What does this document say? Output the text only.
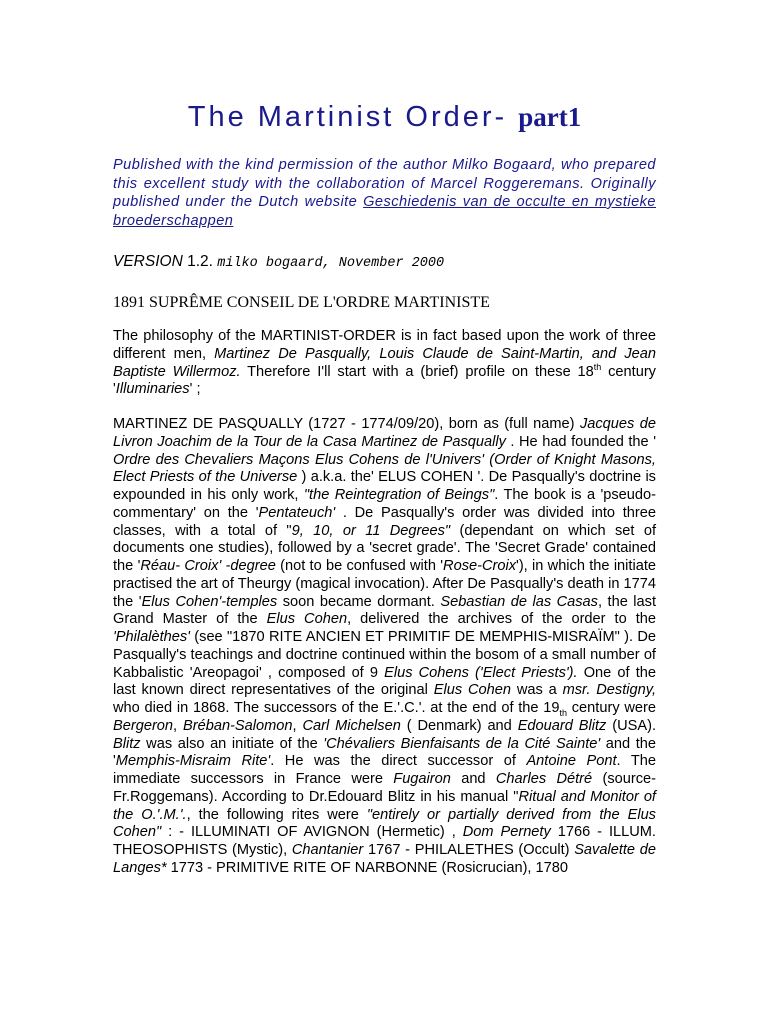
The Martinist Order- part1

Published with the kind permission of the author Milko Bogaard, who prepared this excellent study with the collaboration of Marcel Roggeremans. Originally published under the Dutch website Geschiedenis van de occulte en mystieke broederschappen

VERSION 1.2. milko bogaard, November 2000

1891 SUPRÊME CONSEIL DE L'ORDRE MARTINISTE

The philosophy of the MARTINIST-ORDER is in fact based upon the work of three different men, Martinez De Pasqually, Louis Claude de Saint-Martin, and Jean Baptiste Willermoz. Therefore I'll start with a (brief) profile on these 18th century 'Illuminaries' ;

MARTINEZ DE PASQUALLY (1727 - 1774/09/20), born as (full name) Jacques de Livron Joachim de la Tour de la Casa Martinez de Pasqually . He had founded the ' Ordre des Chevaliers Maçons Elus Cohens de l'Univers' (Order of Knight Masons, Elect Priests of the Universe ) a.k.a. the' ELUS COHEN '. De Pasqually's doctrine is expounded in his only work, "the Reintegration of Beings". The book is a 'pseudo-commentary' on the 'Pentateuch' . De Pasqually's order was divided into three classes, with a total of "9, 10, or 11 Degrees" (dependant on which set of documents one studies), followed by a 'secret grade'. The 'Secret Grade' contained the 'Réau- Croix' -degree (not to be confused with 'Rose-Croix'), in which the initiate practised the art of Theurgy (magical invocation). After De Pasqually's death in 1774 the 'Elus Cohen'-temples soon became dormant. Sebastian de las Casas, the last Grand Master of the Elus Cohen, delivered the archives of the order to the 'Philalèthes' (see "1870 RITE ANCIEN ET PRIMITIF DE MEMPHIS-MISRAÏM" ). De Pasqually's teachings and doctrine continued within the bosom of a small number of Kabbalistic 'Areopagoi' , composed of 9 Elus Cohens ('Elect Priests'). One of the last known direct representatives of the original Elus Cohen was a msr. Destigny, who died in 1868. The successors of the E.'.C.'. at the end of the $19_{th}$ century were Bergeron, Bréban-Salomon, Carl Michelsen ( Denmark) and Edouard Blitz (USA). Blitz was also an initiate of the 'Chévaliers Bienfaisants de la Cité Sainte' and the 'Memphis-Misraim Rite'. He was the direct successor of Antoine Pont. The immediate successors in France were Fugairon and Charles Détré (source-Fr.Roggemans). According to Dr.Edouard Blitz in his manual "Ritual and Monitor of the O.'.M.'., the following rites were "entirely or partially derived from the Elus Cohen" : - ILLUMINATI OF AVIGNON (Hermetic) , Dom Pernety 1766 - ILLUM. THEOSOPHISTS (Mystic), Chantanier 1767 - PHILALETHES (Occult) Savalette de Langes* 1773 - PRIMITIVE RITE OF NARBONNE (Rosicrucian), 1780
